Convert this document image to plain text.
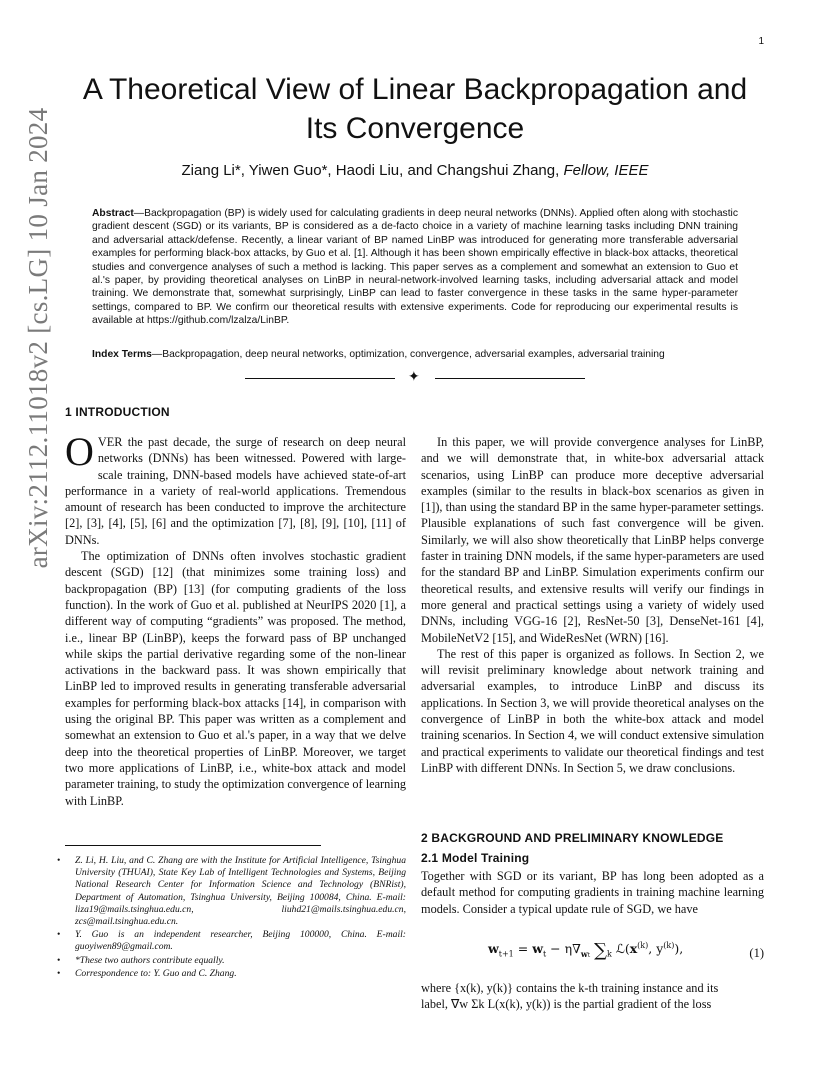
1
arXiv:2112.11018v2 [cs.LG] 10 Jan 2024
A Theoretical View of Linear Backpropagation and Its Convergence
Ziang Li*, Yiwen Guo*, Haodi Liu, and Changshui Zhang, Fellow, IEEE
Abstract—Backpropagation (BP) is widely used for calculating gradients in deep neural networks (DNNs). Applied often along with stochastic gradient descent (SGD) or its variants, BP is considered as a de-facto choice in a variety of machine learning tasks including DNN training and adversarial attack/defense. Recently, a linear variant of BP named LinBP was introduced for generating more transferable adversarial examples for performing black-box attacks, by Guo et al. [1]. Although it has been shown empirically effective in black-box attacks, theoretical studies and convergence analyses of such a method is lacking. This paper serves as a complement and somewhat an extension to Guo et al.'s paper, by providing theoretical analyses on LinBP in neural-network-involved learning tasks, including adversarial attack and model training. We demonstrate that, somewhat surprisingly, LinBP can lead to faster convergence in these tasks in the same hyper-parameter settings, compared to BP. We confirm our theoretical results with extensive experiments. Code for reproducing our experimental results is available at https://github.com/lzalza/LinBP.
Index Terms—Backpropagation, deep neural networks, optimization, convergence, adversarial examples, adversarial training
✦
1 INTRODUCTION

OVER the past decade, the surge of research on deep neural networks (DNNs) has been witnessed. Powered with large-scale training, DNN-based models have achieved state-of-art performance in a variety of real-world applications. Tremendous amount of research has been conducted to improve the architecture [2], [3], [4], [5], [6] and the optimization [7], [8], [9], [10], [11] of DNNs.

The optimization of DNNs often involves stochastic gradient descent (SGD) [12] (that minimizes some training loss) and backpropagation (BP) [13] (for computing gradients of the loss function). In the work of Guo et al. published at NeurIPS 2020 [1], a different way of computing “gradients” was proposed. The method, i.e., linear BP (LinBP), keeps the forward pass of BP unchanged while skips the partial derivative regarding some of the non-linear activations in the backward pass. It was shown empirically that LinBP led to improved results in generating transferable adversarial examples for performing black-box attacks [14], in comparison with using the original BP. This paper was written as a complement and somewhat an extension to Guo et al.'s paper, in a way that we delve deep into the theoretical properties of LinBP. Moreover, we target two more applications of LinBP, i.e., white-box attack and model parameter training, to study the optimization convergence of learning with LinBP.

• Z. Li, H. Liu, and C. Zhang are with the Institute for Artificial Intelligence, Tsinghua University (THUAI), State Key Lab of Intelligent Technologies and Systems, Beijing National Research Center for Information Science and Technology (BNRist), Department of Automation, Tsinghua University, Beijing 100084, China. E-mail: liza19@mails.tsinghua.edu.cn, liuhd21@mails.tsinghua.edu.cn, zcs@mail.tsinghua.edu.cn.
• Y. Guo is an independent researcher, Beijing 100000, China. E-mail: guoyiwen89@gmail.com.
• *These two authors contribute equally.
• Correspondence to: Y. Guo and C. Zhang.

In this paper, we will provide convergence analyses for LinBP, and we will demonstrate that, in white-box adversarial attack scenarios, using LinBP can produce more deceptive adversarial examples (similar to the results in black-box scenarios as given in [1]), than using the standard BP in the same hyper-parameter settings. Plausible explanations of such fast convergence will be given. Similarly, we will also show theoretically that LinBP helps converge faster in training DNN models, if the same hyper-parameters are used for the standard BP and LinBP. Simulation experiments confirm our theoretical results, and extensive results will verify our findings in more general and practical settings using a variety of widely used DNNs, including VGG-16 [2], ResNet-50 [3], DenseNet-161 [4], MobileNetV2 [15], and WideResNet (WRN) [16].

The rest of this paper is organized as follows. In Section 2, we will revisit preliminary knowledge about network training and adversarial examples, to introduce LinBP and discuss its applications. In Section 3, we will provide theoretical analyses on the convergence of LinBP in both the white-box attack and model training scenarios. In Section 4, we will conduct extensive simulation and practical experiments to validate our theoretical findings and test LinBP with different DNNs. In Section 5, we draw conclusions.

2 BACKGROUND AND PRELIMINARY KNOWLEDGE
2.1 Model Training
Together with SGD or its variant, BP has long been adopted as a default method for computing gradients in training machine learning models. Consider a typical update rule of SGD, we have
$w_{t+1} = w_t - \eta\nabla_{wt}$ $\sum_k$ $ℒ(x^{(k)}$, $y^{(k)}$),	(1)
where {x(k), y(k)} contains the k-th training instance and its
label, ∇w Σk L(x(k), y(k)) is the partial gradient of the loss
